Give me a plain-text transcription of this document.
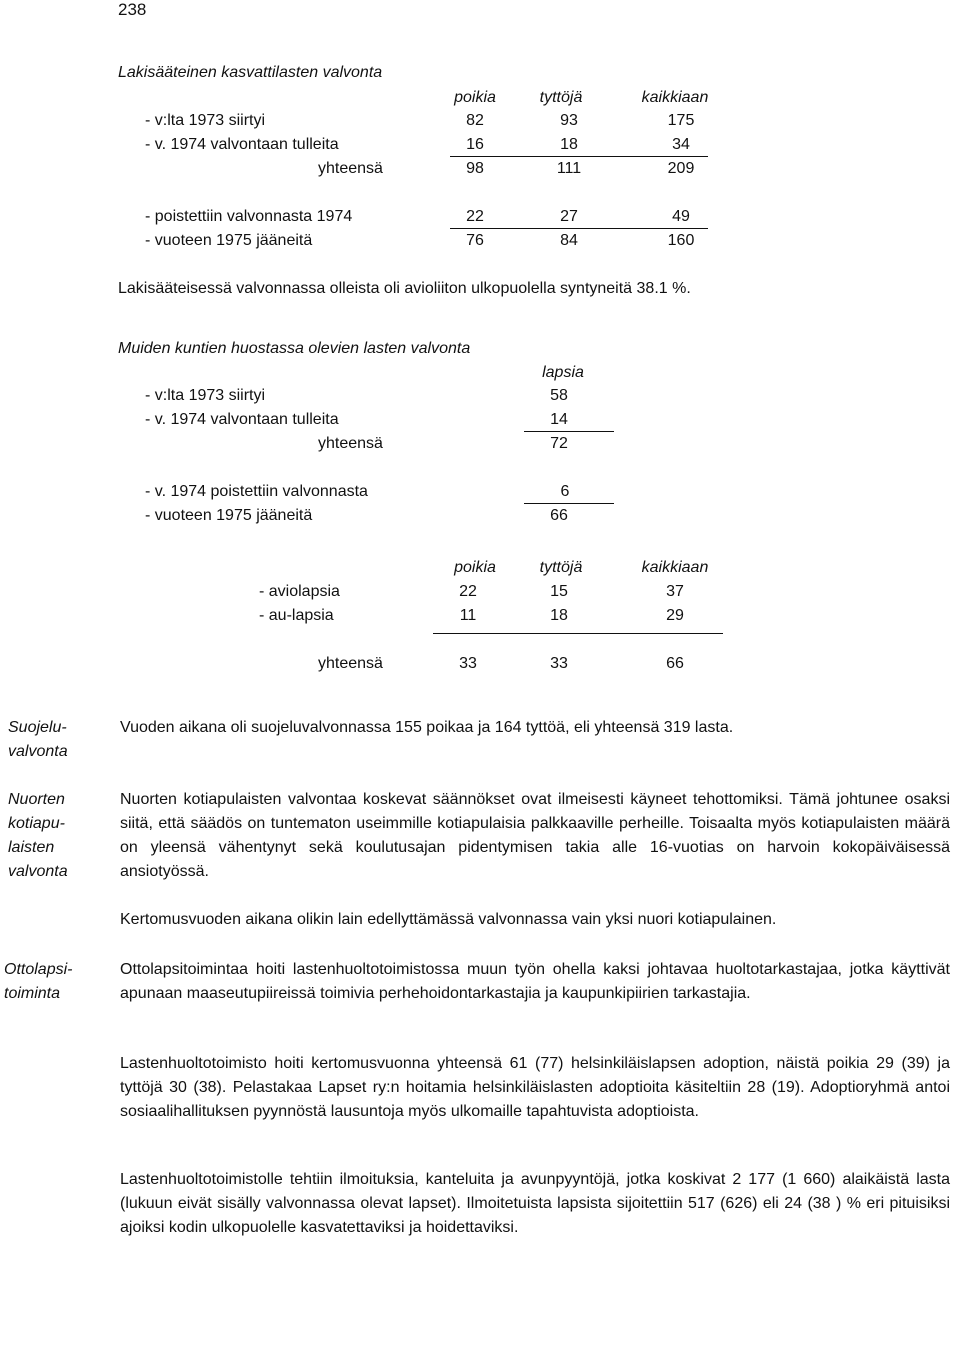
238
Lakisääteinen kasvattilasten valvonta
poikia	tyttöjä	kaikkiaan
- v:lta 1973 siirtyi	82	93	175
- v. 1974 valvontaan tulleita	16	18	34
yhteensä	98	111	209
- poistettiin valvonnasta 1974	22	27	49
- vuoteen 1975 jääneitä	76	84	160
Lakisääteisessä valvonnassa olleista oli avioliiton ulkopuolella syntyneitä 38.1 %.
Muiden kuntien huostassa olevien lasten valvonta
lapsia
- v:lta 1973 siirtyi	58
- v. 1974 valvontaan tulleita	14
yhteensä	72
- v. 1974 poistettiin valvonnasta	6
- vuoteen 1975 jääneitä	66
poikia	tyttöjä	kaikkiaan
- aviolapsia	22	15	37
- au-lapsia	11	18	29
yhteensä	33	33	66
Suojelu-
valvonta
Vuoden aikana oli suojeluvalvonnassa 155 poikaa ja 164 tyttöä, eli yhteensä 319 lasta.
Nuorten
kotiapu-
laisten
valvonta
Nuorten kotiapulaisten valvontaa koskevat säännökset ovat ilmeisesti käyneet tehottomiksi. Tämä johtunee osaksi siitä, että säädös on tuntematon useimmille kotiapulaisia palkkaaville perheille. Toisaalta myös kotiapulaisten määrä on yleensä vähentynyt sekä koulutusajan pidentymisen takia alle 16-vuotias on harvoin kokopäiväisessä ansiotyössä.
Kertomusvuoden aikana olikin lain edellyttämässä valvonnassa vain yksi nuori kotiapulainen.
Ottolapsi-
toiminta
Ottolapsitoimintaa hoiti lastenhuoltotoimistossa muun työn ohella kaksi johtavaa huoltotarkastajaa, jotka käyttivät apunaan maaseutupiireissä toimivia perhehoidontarkastajia ja kaupunkipiirien tarkastajia.
Lastenhuoltotoimisto hoiti kertomusvuonna yhteensä 61 (77) helsinkiläislapsen adoption, näistä poikia 29 (39) ja tyttöjä 30 (38). Pelastakaa Lapset ry:n hoitamia helsinkiläislasten adoptioita käsiteltiin 28 (19). Adoptioryhmä antoi sosiaalihallituksen pyynnöstä lausuntoja myös ulkomaille tapahtuvista adoptioista.
Lastenhuoltotoimistolle tehtiin ilmoituksia, kanteluita ja avunpyyntöjä, jotka koskivat 2 177 (1 660) alaikäistä lasta (lukuun eivät sisälly valvonnassa olevat lapset). Ilmoitetuista lapsista sijoitettiin 517 (626) eli 24 (38 ) % eri pituisiksi ajoiksi kodin ulkopuolelle kasvatettaviksi ja hoidettaviksi.
